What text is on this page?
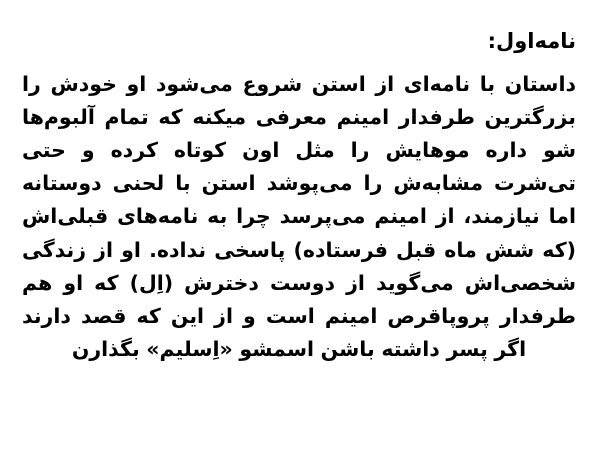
نامه‌اول:

داستان با نامه‌ای از استن شروع می‌شود او خودش را بزرگترین طرفدار امینم معرفی میکنه که تمام آلبوم‌ها شو داره موهایش را مثل اون کوتاه کرده و حتی تی‌شرت مشابه‌ش را می‌پوشد استن با لحنی دوستانه اما نیازمند، از امینم می‌پرسد چرا به نامه‌های قبلی‌اش (که شش ماه قبل فرستاده) پاسخی نداده. او از زندگی شخصی‌اش می‌گوید از دوست دخترش (اِل) که او هم طرفدار پروپاقرص امینم است و از این که قصد دارند اگر پسر داشته باشن اسمشو «اِسلیم» بگذارن
